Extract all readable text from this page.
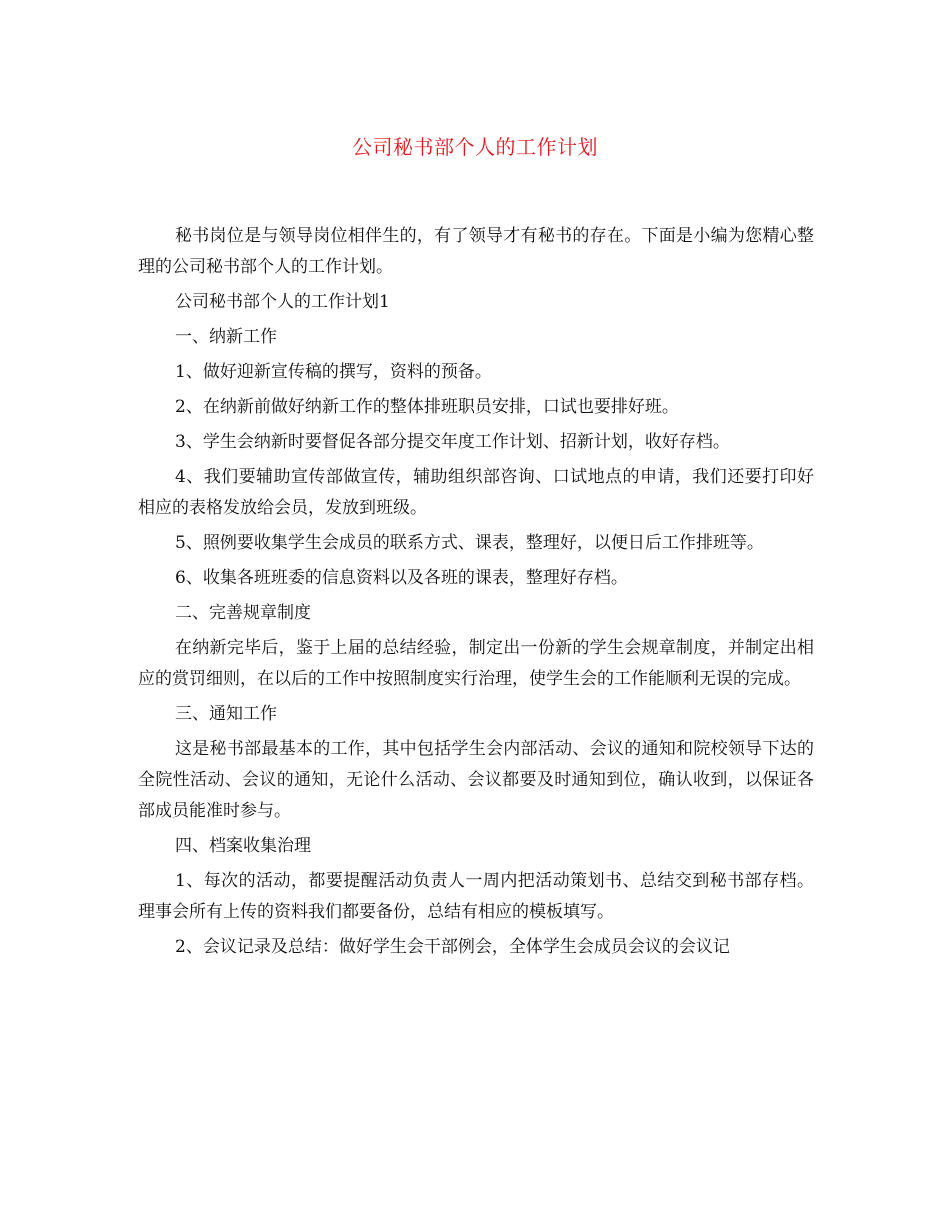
公司秘书部个人的工作计划

秘书岗位是与领导岗位相伴生的，有了领导才有秘书的存在。下面是小编为您精心整理的公司秘书部个人的工作计划。

公司秘书部个人的工作计划1

一、纳新工作

1、做好迎新宣传稿的撰写，资料的预备。

2、在纳新前做好纳新工作的整体排班职员安排，口试也要排好班。

3、学生会纳新时要督促各部分提交年度工作计划、招新计划，收好存档。

4、我们要辅助宣传部做宣传，辅助组织部咨询、口试地点的申请，我们还要打印好相应的表格发放给会员，发放到班级。

5、照例要收集学生会成员的联系方式、课表，整理好，以便日后工作排班等。

6、收集各班班委的信息资料以及各班的课表，整理好存档。

二、完善规章制度

在纳新完毕后，鉴于上届的总结经验，制定出一份新的学生会规章制度，并制定出相应的赏罚细则，在以后的工作中按照制度实行治理，使学生会的工作能顺利无误的完成。

三、通知工作

这是秘书部最基本的工作，其中包括学生会内部活动、会议的通知和院校领导下达的全院性活动、会议的通知，无论什么活动、会议都要及时通知到位，确认收到，以保证各部成员能准时参与。

四、档案收集治理

1、每次的活动，都要提醒活动负责人一周内把活动策划书、总结交到秘书部存档。理事会所有上传的资料我们都要备份，总结有相应的模板填写。

2、会议记录及总结：做好学生会干部例会，全体学生会成员会议的会议记
